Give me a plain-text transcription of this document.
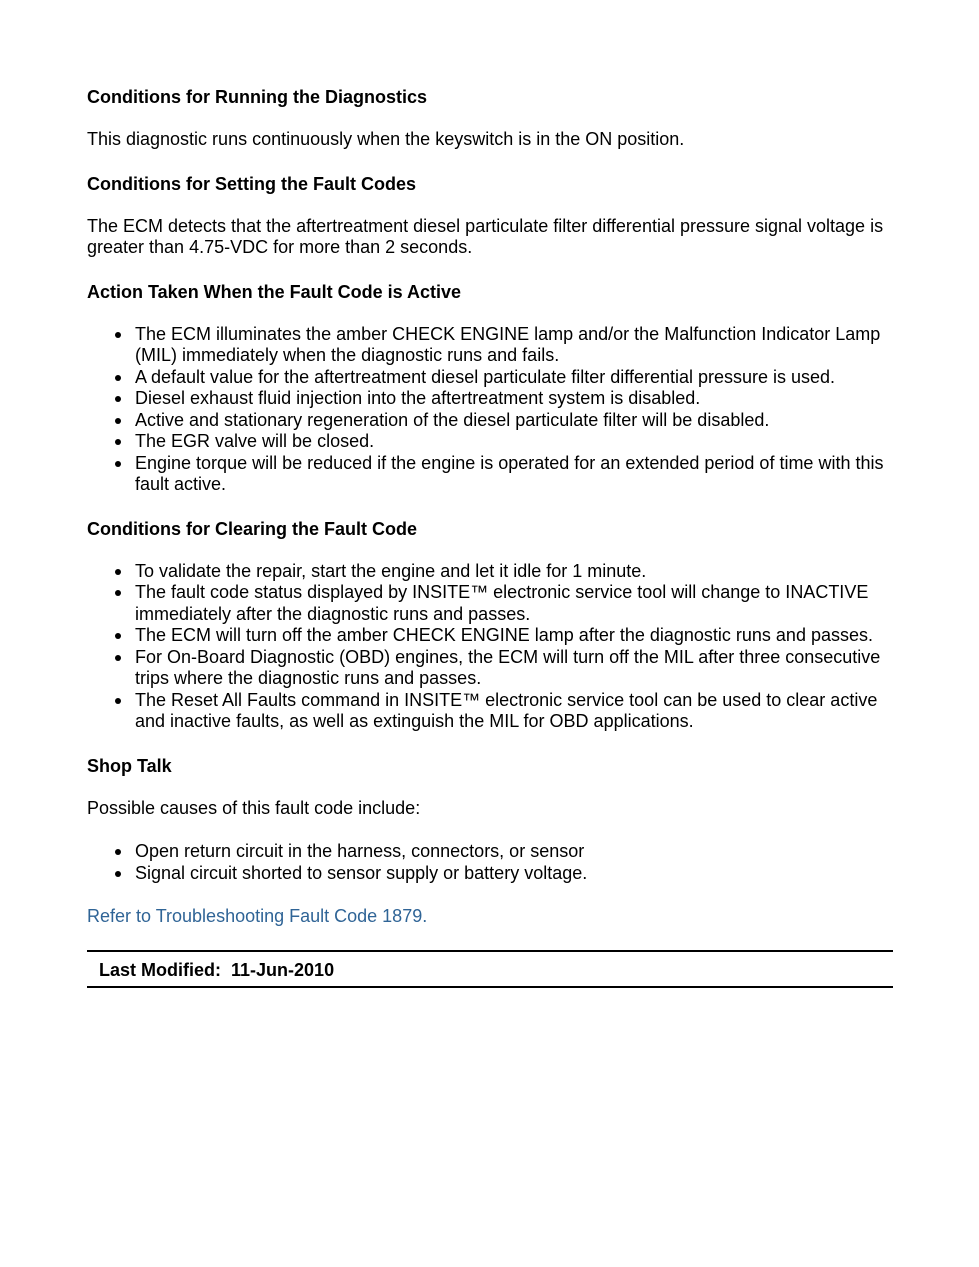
Conditions for Running the Diagnostics
This diagnostic runs continuously when the keyswitch is in the ON position.
Conditions for Setting the Fault Codes
The ECM detects that the aftertreatment diesel particulate filter differential pressure signal voltage is greater than 4.75-VDC for more than 2 seconds.
Action Taken When the Fault Code is Active
The ECM illuminates the amber CHECK ENGINE lamp and/or the Malfunction Indicator Lamp (MIL) immediately when the diagnostic runs and fails.
A default value for the aftertreatment diesel particulate filter differential pressure is used.
Diesel exhaust fluid injection into the aftertreatment system is disabled.
Active and stationary regeneration of the diesel particulate filter will be disabled.
The EGR valve will be closed.
Engine torque will be reduced if the engine is operated for an extended period of time with this fault active.
Conditions for Clearing the Fault Code
To validate the repair, start the engine and let it idle for 1 minute.
The fault code status displayed by INSITE™ electronic service tool will change to INACTIVE immediately after the diagnostic runs and passes.
The ECM will turn off the amber CHECK ENGINE lamp after the diagnostic runs and passes.
For On-Board Diagnostic (OBD) engines, the ECM will turn off the MIL after three consecutive trips where the diagnostic runs and passes.
The Reset All Faults command in INSITE™ electronic service tool can be used to clear active and inactive faults, as well as extinguish the MIL for OBD applications.
Shop Talk
Possible causes of this fault code include:
Open return circuit in the harness, connectors, or sensor
Signal circuit shorted to sensor supply or battery voltage.
Refer to Troubleshooting Fault Code 1879.
Last Modified: 11-Jun-2010
